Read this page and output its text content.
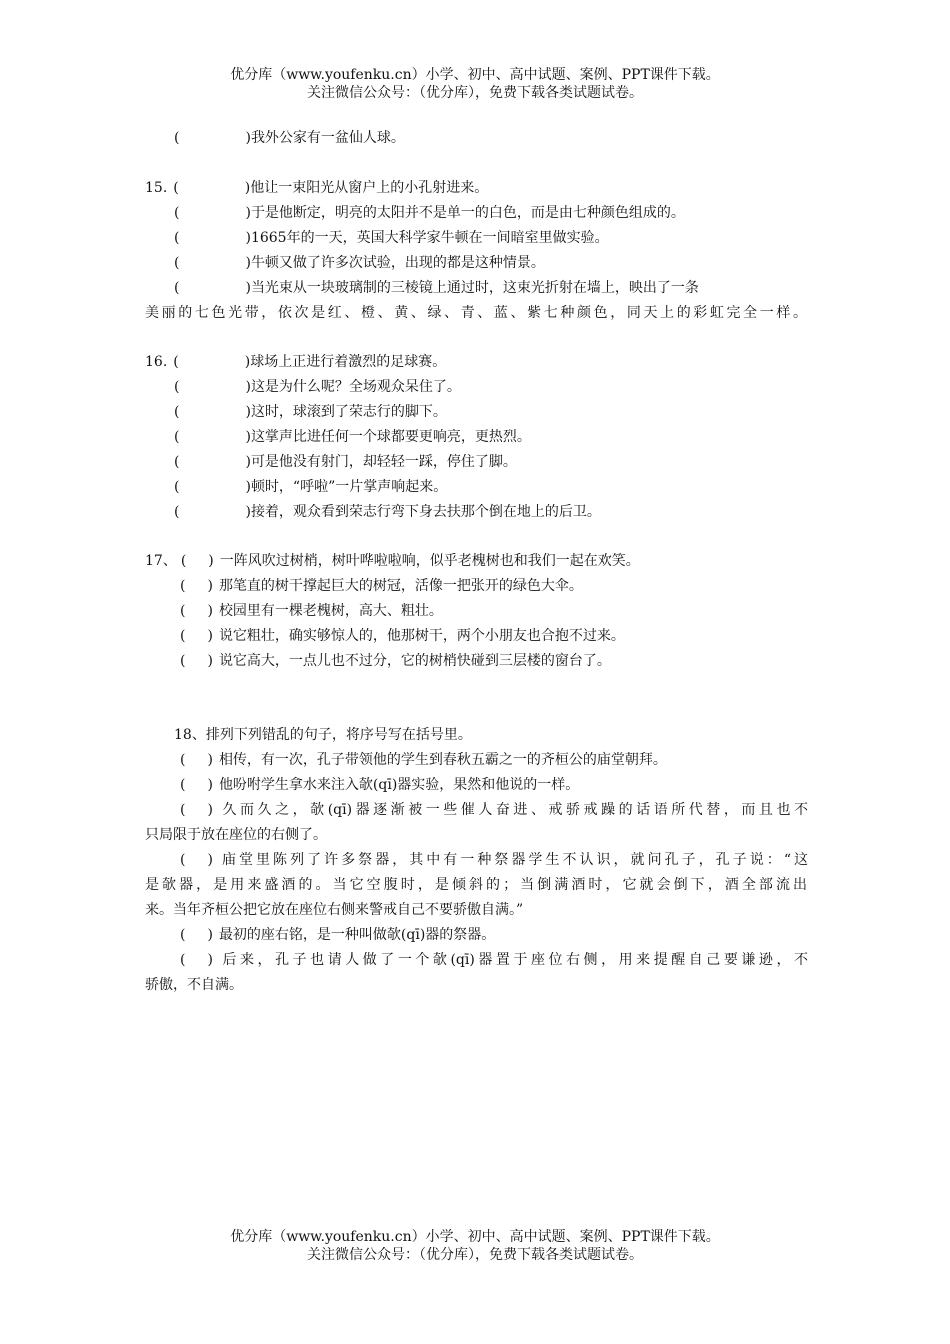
优分库（www.youfenku.cn）小学、初中、高中试题、案例、PPT课件下载。
关注微信公众号：（优分库），免费下载各类试题试卷。
(	)我外公家有一盆仙人球。
15. (	)他让一束阳光从窗户上的小孔射进来。
(	)于是他断定，明亮的太阳并不是单一的白色，而是由七种颜色组成的。
(	)1665年的一天，英国大科学家牛顿在一间暗室里做实验。
(	)牛顿又做了许多次试验，出现的都是这种情景。
(	)当光束从一块玻璃制的三棱镜上通过时，这束光折射在墙上，映出了一条
美丽的七色光带，依次是红、橙、黄、绿、青、蓝、紫七种颜色，同天上的彩虹完全一样。
16. (	)球场上正进行着激烈的足球赛。
(	)这是为什么呢？全场观众呆住了。
(	)这时，球滚到了荣志行的脚下。
(	)这掌声比进任何一个球都要更响亮，更热烈。
(	)可是他没有射门，却轻轻一踩，停住了脚。
(	)顿时，“呼啦”一片掌声响起来。
(	)接着，观众看到荣志行弯下身去扶那个倒在地上的后卫。
17、 ( ) 一阵风吹过树梢，树叶哗啦啦响，似乎老槐树也和我们一起在欢笑。
( ) 那笔直的树干撑起巨大的树冠，活像一把张开的绿色大伞。
( ) 校园里有一棵老槐树，高大、粗壮。
( ) 说它粗壮，确实够惊人的，他那树干，两个小朋友也合抱不过来。
( ) 说它高大，一点儿也不过分，它的树梢快碰到三层楼的窗台了。
18、排列下列错乱的句子，将序号写在括号里。
( ) 相传，有一次，孔子带领他的学生到春秋五霸之一的齐桓公的庙堂朝拜。
( ) 他吩咐学生拿水来注入欹(qī)器实验，果然和他说的一样。
( ) 久而久之，欹(qī)器逐渐被一些催人奋进、戒骄戒躁的话语所代替，而且也不
只局限于放在座位的右侧了。
( ) 庙堂里陈列了许多祭器，其中有一种祭器学生不认识，就问孔子，孔子说：“这
是欹器，是用来盛酒的。当它空腹时，是倾斜的；当倒满酒时，它就会倒下，酒全部流出
来。当年齐桓公把它放在座位右侧来警戒自己不要骄傲自满。”
( ) 最初的座右铭，是一种叫做欹(qī)器的祭器。
( ) 后来，孔子也请人做了一个欹(qī)器置于座位右侧，用来提醒自己要谦逊，不
骄傲，不自满。
优分库（www.youfenku.cn）小学、初中、高中试题、案例、PPT课件下载。
关注微信公众号：（优分库），免费下载各类试题试卷。
